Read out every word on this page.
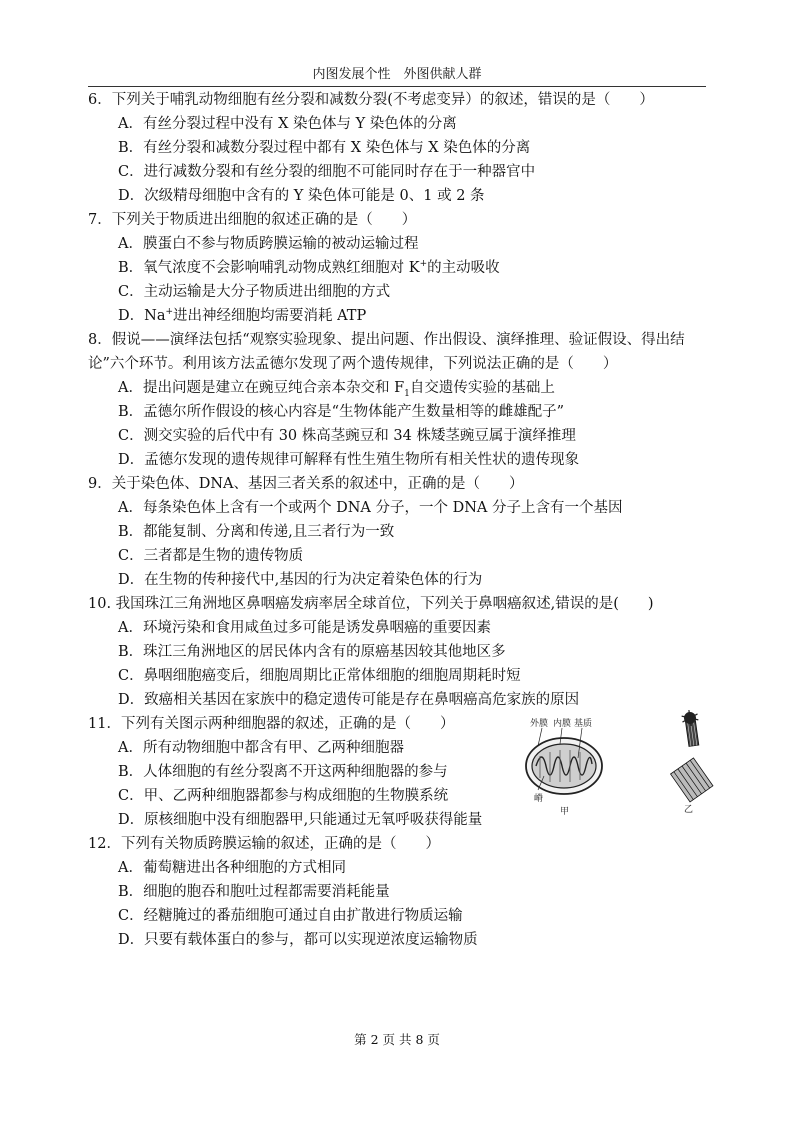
内图发展个性　外图供献人群
6．下列关于哺乳动物细胞有丝分裂和减数分裂(不考虑变异）的叙述，错误的是（　　）
A．有丝分裂过程中没有 X 染色体与 Y 染色体的分离
B．有丝分裂和减数分裂过程中都有 X 染色体与 X 染色体的分离
C．进行减数分裂和有丝分裂的细胞不可能同时存在于一种器官中
D．次级精母细胞中含有的 Y 染色体可能是 0、1 或 2 条
7．下列关于物质进出细胞的叙述正确的是（　　）
A．膜蛋白不参与物质跨膜运输的被动运输过程
B．氧气浓度不会影响哺乳动物成熟红细胞对 K+的主动吸收
C．主动运输是大分子物质进出细胞的方式
D．Na+进出神经细胞均需要消耗 ATP
8．假说——演绎法包括“观察实验现象、提出问题、作出假设、演绎推理、验证假设、得出结论”六个环节。利用该方法孟德尔发现了两个遗传规律，下列说法正确的是（　　）
A．提出问题是建立在豌豆纯合亲本杂交和 $F_1$自交遗传实验的基础上
B．孟德尔所作假设的核心内容是“生物体能产生数量相等的雌雄配子”
C．测交实验的后代中有 30 株高茎豌豆和 34 株矮茎豌豆属于演绎推理
D．孟德尔发现的遗传规律可解释有性生殖生物所有相关性状的遗传现象
9．关于染色体、DNA、基因三者关系的叙述中，正确的是（　　）
A．每条染色体上含有一个或两个 DNA 分子，一个 DNA 分子上含有一个基因
B．都能复制、分离和传递,且三者行为一致
C．三者都是生物的遗传物质
D．在生物的传种接代中,基因的行为决定着染色体的行为
10. 我国珠江三角洲地区鼻咽癌发病率居全球首位，下列关于鼻咽癌叙述,错误的是(　　)
A．环境污染和食用咸鱼过多可能是诱发鼻咽癌的重要因素
B．珠江三角洲地区的居民体内含有的原癌基因较其他地区多
C．鼻咽细胞癌变后，细胞周期比正常体细胞的细胞周期耗时短
D．致癌相关基因在家族中的稳定遗传可能是存在鼻咽癌高危家族的原因
11．下列有关图示两种细胞器的叙述，正确的是（　　）
A．所有动物细胞中都含有甲、乙两种细胞器
B．人体细胞的有丝分裂离不开这两种细胞器的参与
C．甲、乙两种细胞器都参与构成细胞的生物膜系统
D．原核细胞中没有细胞器甲,只能通过无氧呼吸获得能量
外膜 内膜 基质
嵴
甲	乙
12．下列有关物质跨膜运输的叙述，正确的是（　　）
A．葡萄糖进出各种细胞的方式相同
B．细胞的胞吞和胞吐过程都需要消耗能量
C．经糖腌过的番茄细胞可通过自由扩散进行物质运输
D．只要有载体蛋白的参与，都可以实现逆浓度运输物质
第 2 页 共 8 页
